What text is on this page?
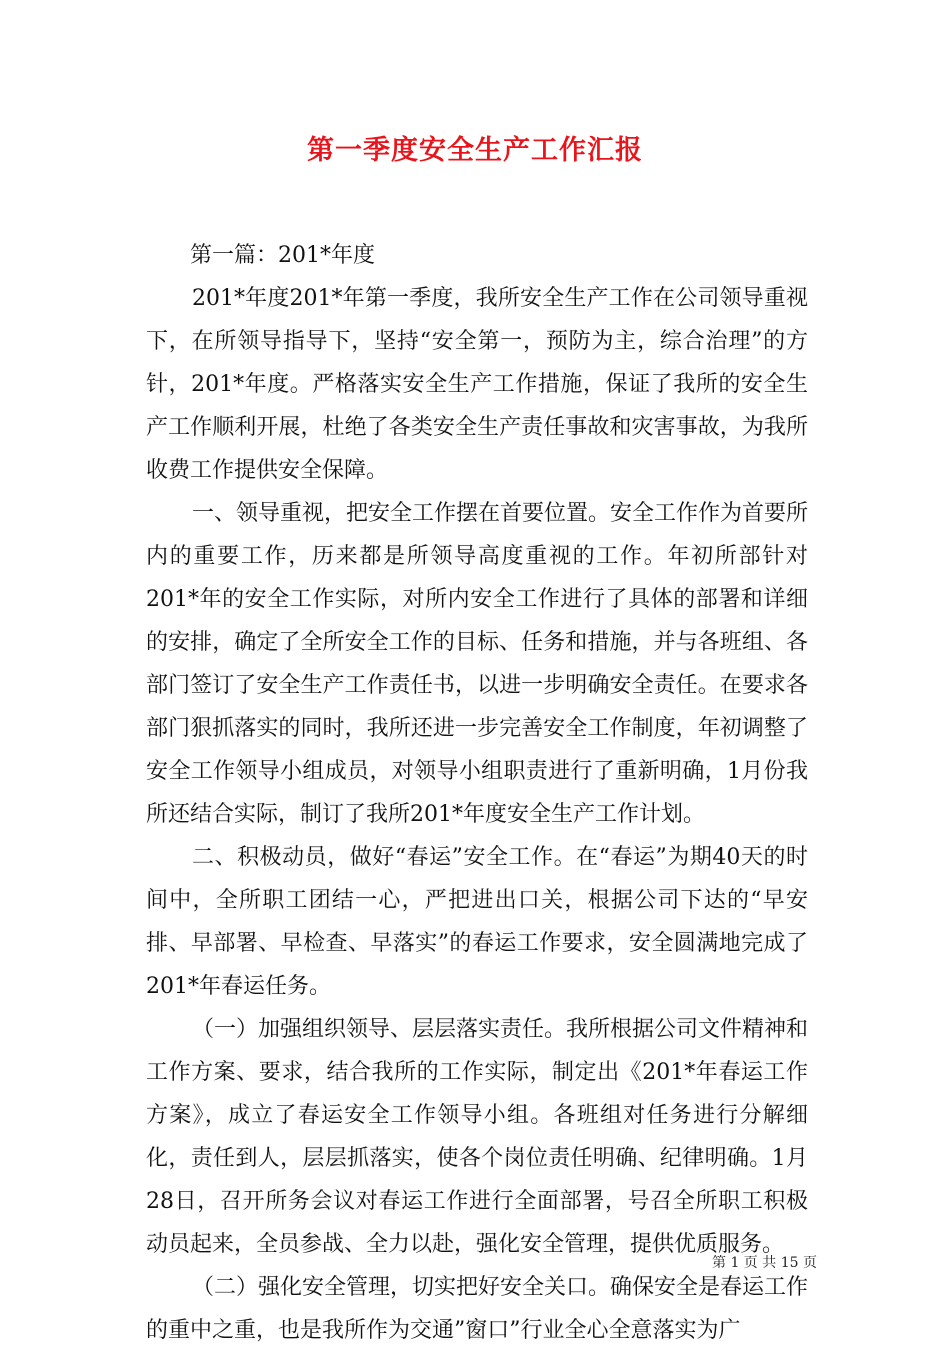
第一季度安全生产工作汇报

第一篇：201*年度

201*年度201*年第一季度，我所安全生产工作在公司领导重视下，在所领导指导下，坚持“安全第一，预防为主，综合治理”的方针，201*年度。严格落实安全生产工作措施，保证了我所的安全生产工作顺利开展，杜绝了各类安全生产责任事故和灾害事故，为我所收费工作提供安全保障。

一、领导重视，把安全工作摆在首要位置。安全工作作为首要所内的重要工作，历来都是所领导高度重视的工作。年初所部针对201*年的安全工作实际，对所内安全工作进行了具体的部署和详细的安排，确定了全所安全工作的目标、任务和措施，并与各班组、各部门签订了安全生产工作责任书，以进一步明确安全责任。在要求各部门狠抓落实的同时，我所还进一步完善安全工作制度，年初调整了安全工作领导小组成员，对领导小组职责进行了重新明确，1月份我所还结合实际，制订了我所201*年度安全生产工作计划。

二、积极动员，做好“春运”安全工作。在“春运”为期40天的时间中，全所职工团结一心，严把进出口关，根据公司下达的“早安排、早部署、早检查、早落实”的春运工作要求，安全圆满地完成了201*年春运任务。

（一）加强组织领导、层层落实责任。我所根据公司文件精神和工作方案、要求，结合我所的工作实际，制定出《201*年春运工作方案》，成立了春运安全工作领导小组。各班组对任务进行分解细化，责任到人，层层抓落实，使各个岗位责任明确、纪律明确。1月28日，召开所务会议对春运工作进行全面部署，号召全所职工积极动员起来，全员参战、全力以赴，强化安全管理，提供优质服务。

（二）强化安全管理，切实把好安全关口。确保安全是春运工作的重中之重，也是我所作为交通”窗口”行业全心全意落实为广

第 1 页 共 15 页
